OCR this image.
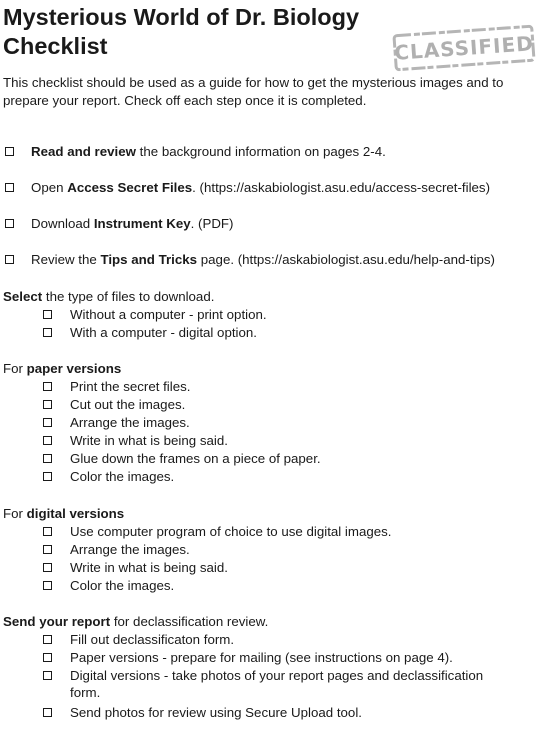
Mysterious World of Dr. Biology
Checklist	CLASSIFIED

This checklist should be used as a guide for how to get the mysterious images and to prepare your report. Check off each step once it is completed.

Read and review the background information on pages 2-4.
Open Access Secret Files. (https://askabiologist.asu.edu/access-secret-files)
Download Instrument Key. (PDF)
Review the Tips and Tricks page. (https://askabiologist.asu.edu/help-and-tips)
Select the type of files to download.
Without a computer - print option.
With a computer - digital option.
For paper versions
Print the secret files.
Cut out the images.
Arrange the images.
Write in what is being said.
Glue down the frames on a piece of paper.
Color the images.
For digital versions
Use computer program of choice to use digital images.
Arrange the images.
Write in what is being said.
Color the images.
Send your report for declassification review.
Fill out declassificaton form.
Paper versions - prepare for mailing (see instructions on page 4).
Digital versions - take photos of your report pages and declassification form.
Send photos for review using Secure Upload tool.
